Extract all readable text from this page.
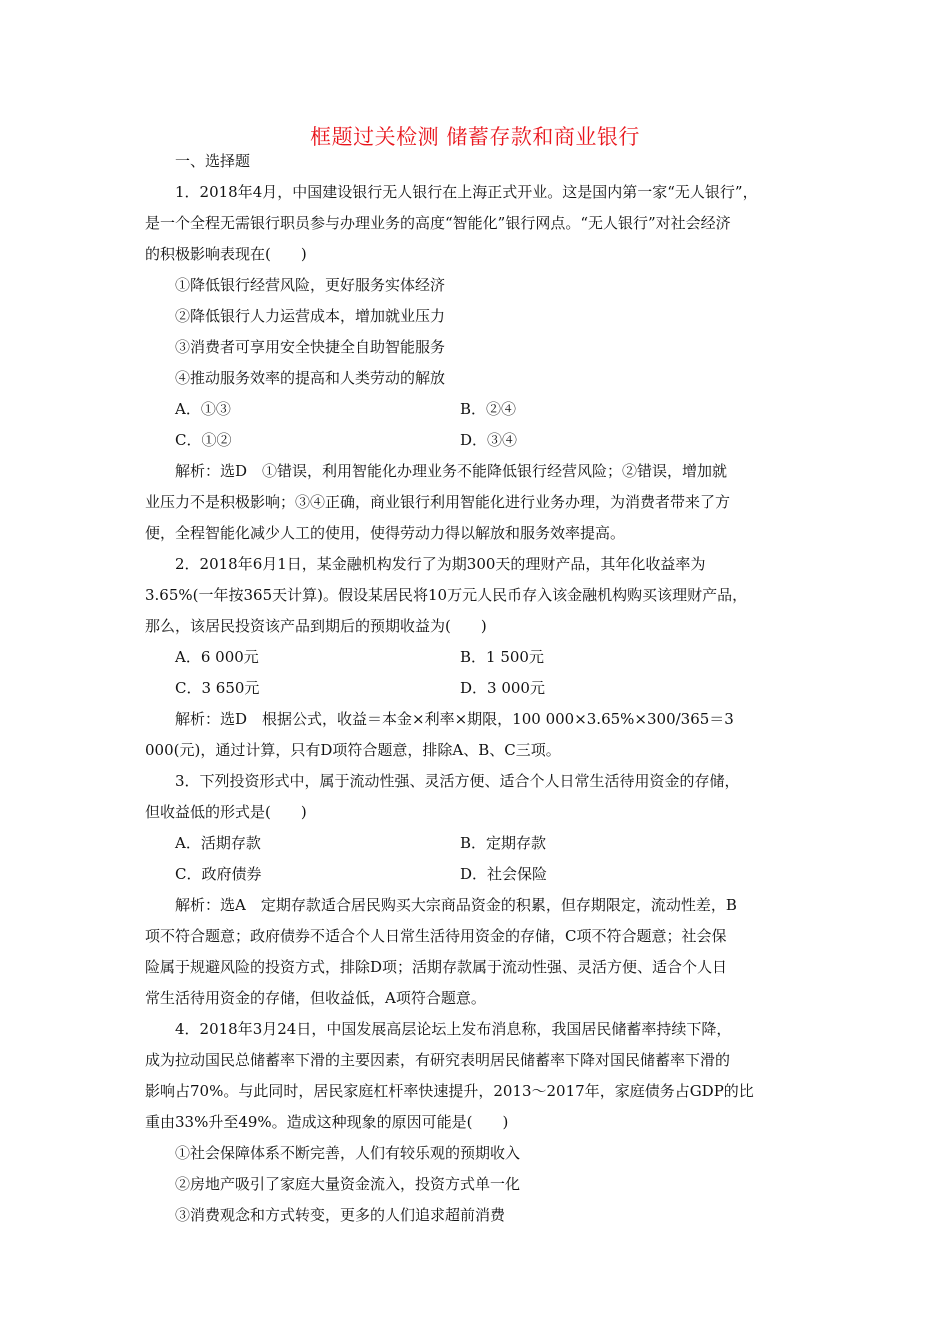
框题过关检测 储蓄存款和商业银行
一、选择题
1．2018年4月，中国建设银行无人银行在上海正式开业。这是国内第一家“无人银行”，
是一个全程无需银行职员参与办理业务的高度“智能化”银行网点。“无人银行”对社会经济
的积极影响表现在(　　)
①降低银行经营风险，更好服务实体经济
②降低银行人力运营成本，增加就业压力
③消费者可享用安全快捷全自助智能服务
④推动服务效率的提高和人类劳动的解放
A．①③	B．②④
C．①②	D．③④
解析：选D　①错误，利用智能化办理业务不能降低银行经营风险；②错误，增加就
业压力不是积极影响；③④正确，商业银行利用智能化进行业务办理，为消费者带来了方
便，全程智能化减少人工的使用，使得劳动力得以解放和服务效率提高。
2．2018年6月1日，某金融机构发行了为期300天的理财产品，其年化收益率为
3.65%(一年按365天计算)。假设某居民将10万元人民币存入该金融机构购买该理财产品，
那么，该居民投资该产品到期后的预期收益为(　　)
A．6 000元	B．1 500元
C．3 650元	D．3 000元
解析：选D　根据公式，收益＝本金×利率×期限，100 000×3.65%×300/365＝3
000(元)，通过计算，只有D项符合题意，排除A、B、C三项。
3．下列投资形式中，属于流动性强、灵活方便、适合个人日常生活待用资金的存储，
但收益低的形式是(　　)
A．活期存款	B．定期存款
C．政府债券	D．社会保险
解析：选A　定期存款适合居民购买大宗商品资金的积累，但存期限定，流动性差，B
项不符合题意；政府债券不适合个人日常生活待用资金的存储，C项不符合题意；社会保
险属于规避风险的投资方式，排除D项；活期存款属于流动性强、灵活方便、适合个人日
常生活待用资金的存储，但收益低，A项符合题意。
4．2018年3月24日，中国发展高层论坛上发布消息称，我国居民储蓄率持续下降，
成为拉动国民总储蓄率下滑的主要因素，有研究表明居民储蓄率下降对国民储蓄率下滑的
影响占70%。与此同时，居民家庭杠杆率快速提升，2013～2017年，家庭债务占GDP的比
重由33%升至49%。造成这种现象的原因可能是(　　)
①社会保障体系不断完善，人们有较乐观的预期收入
②房地产吸引了家庭大量资金流入，投资方式单一化
③消费观念和方式转变，更多的人们追求超前消费
